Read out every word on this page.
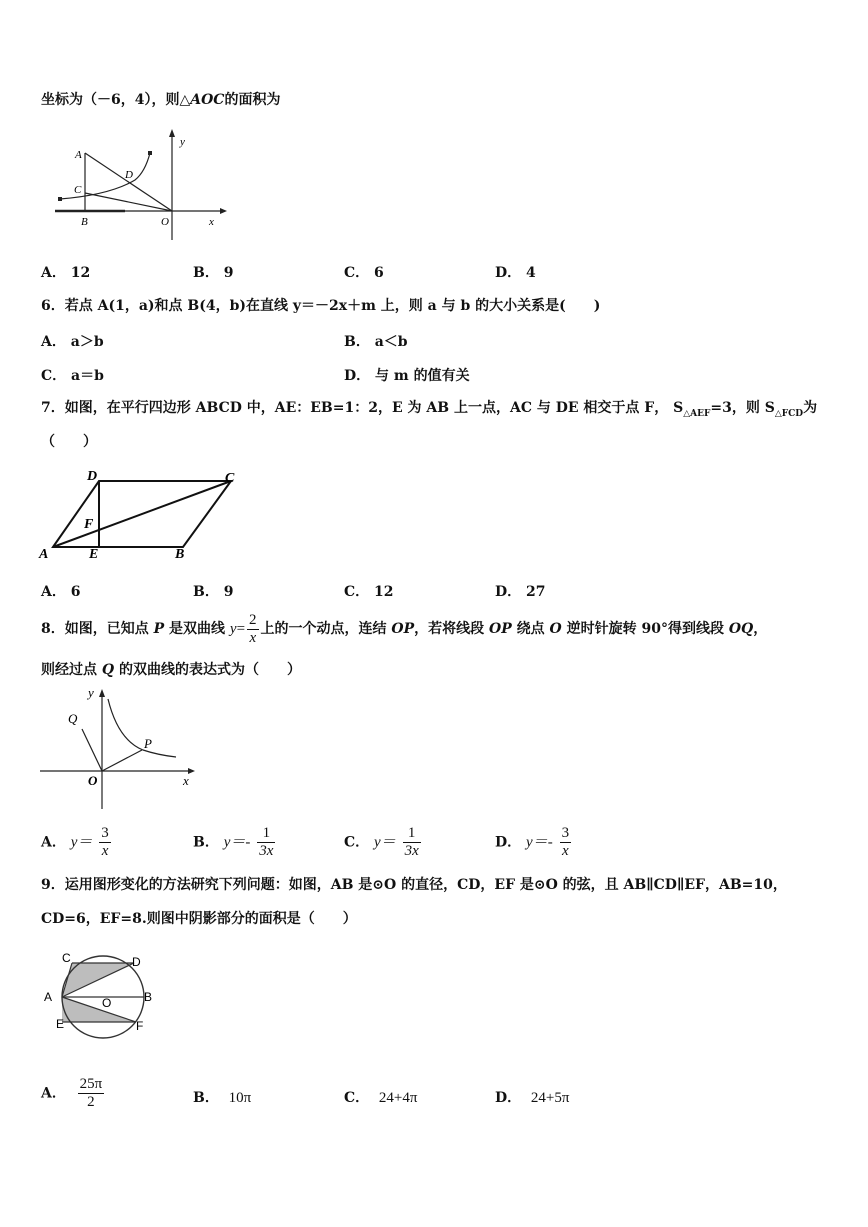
坐标为（－6，4），则△AOC的面积为
A
C
D
B	O	x
y
A． 12	B． 9	C． 6	D． 4
6．若点 A(1，a)和点 B(4，b)在直线 y＝－2x＋m 上，则 a 与 b 的大小关系是(　　)
A． a＞b	B． a＜b
C． a＝b	D． 与 m 的值有关
7．如图，在平行四边形 ABCD 中，AE：EB=1：2，E 为 AB 上一点，AC 与 DE 相交于点 F， $S_{\triangle AEF}=3$，则 $S_{\triangle FCD}$为
（　　）
A	E	B
C
D
F
A． 6	B． 9	C． 12	D． 27
8．如图，已知点 P 是双曲线 $y= \frac{2}{x}$ 上的一个动点，连结 OP，若将线段 OP 绕点 O 逆时针旋转 90°得到线段 OQ，
则经过点 Q 的双曲线的表达式为（　　）
y
Q
P
O	x
A． $y= \frac{3}{x}$	B． $y=- \frac{1}{3x}$	C． $y= \frac{1}{3x}$	D． $y=- \frac{3}{x}$
9．运用图形变化的方法研究下列问题：如图，AB 是⊙O 的直径，CD，EF 是⊙O 的弦，且 AB∥CD∥EF，AB=10，
CD=6，EF=8.则图中阴影部分的面积是（　　）
C	D
A	O	B
E	F
A． $\frac{25\pi}{2}$	B． 10π	C． 24+4π	D． 24+5π
